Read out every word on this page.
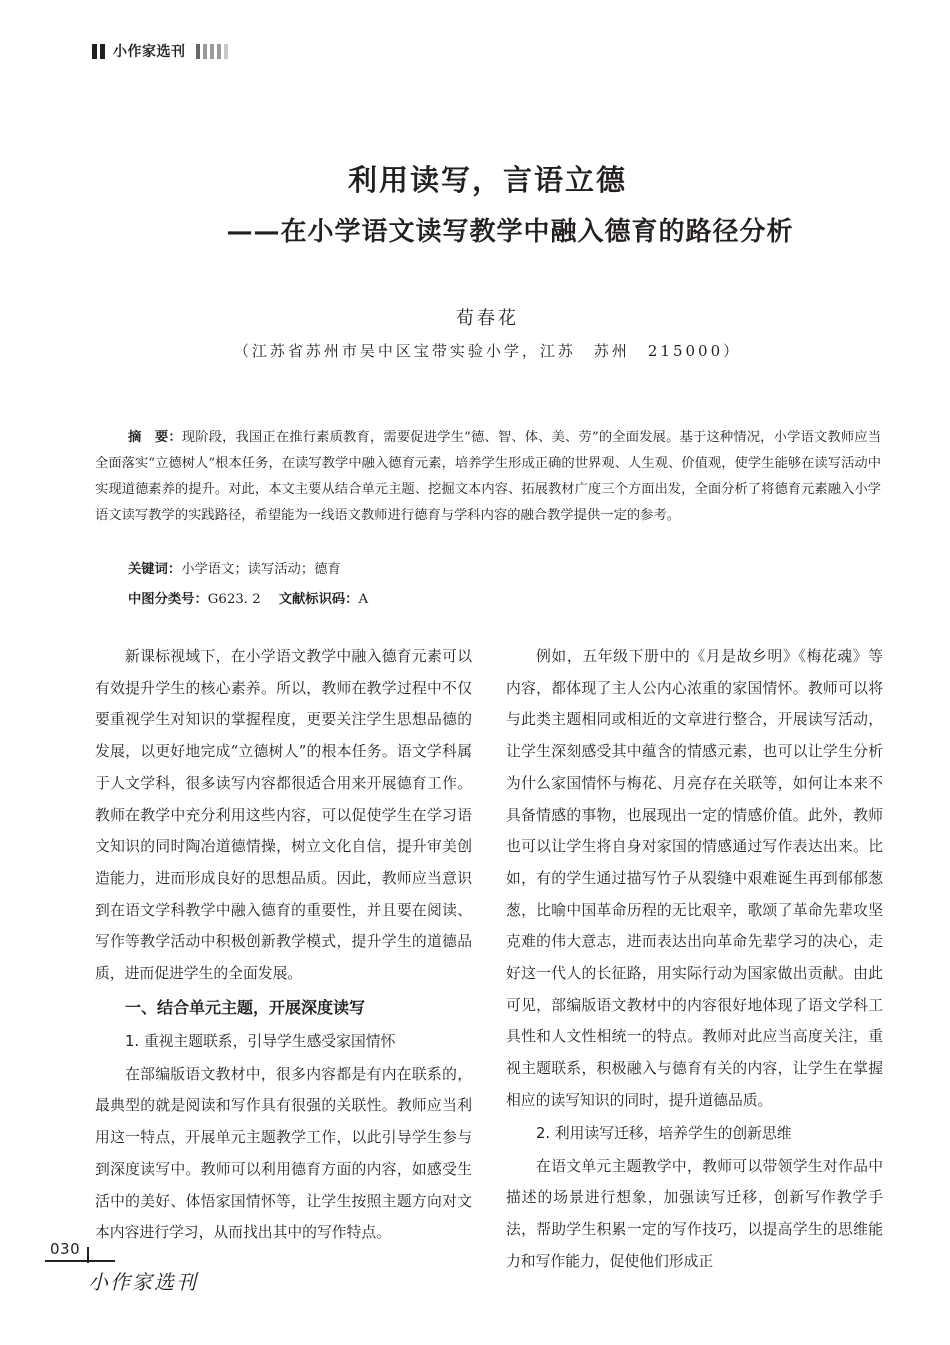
小作家选刊
利用读写，言语立德
——在小学语文读写教学中融入德育的路径分析
荀春花
（江苏省苏州市吴中区宝带实验小学，江苏　苏州　215000）

摘　要：现阶段，我国正在推行素质教育，需要促进学生“德、智、体、美、劳”的全面发展。基于这种情况，小学语文教师应当全面落实“立德树人”根本任务，在读写教学中融入德育元素，培养学生形成正确的世界观、人生观、价值观，使学生能够在读写活动中实现道德素养的提升。对此，本文主要从结合单元主题、挖掘文本内容、拓展教材广度三个方面出发，全面分析了将德育元素融入小学语文读写教学的实践路径，希望能为一线语文教师进行德育与学科内容的融合教学提供一定的参考。

关键词：小学语文；读写活动；德育
中图分类号：G623. 2 文献标识码：A

新课标视域下，在小学语文教学中融入德育元素可以有效提升学生的核心素养。所以，教师在教学过程中不仅要重视学生对知识的掌握程度，更要关注学生思想品德的发展，以更好地完成“立德树人”的根本任务。语文学科属于人文学科，很多读写内容都很适合用来开展德育工作。教师在教学中充分利用这些内容，可以促使学生在学习语文知识的同时陶冶道德情操，树立文化自信，提升审美创造能力，进而形成良好的思想品质。因此，教师应当意识到在语文学科教学中融入德育的重要性，并且要在阅读、写作等教学活动中积极创新教学模式，提升学生的道德品质，进而促进学生的全面发展。

一、结合单元主题，开展深度读写
1. 重视主题联系，引导学生感受家国情怀

在部编版语文教材中，很多内容都是有内在联系的，最典型的就是阅读和写作具有很强的关联性。教师应当利用这一特点，开展单元主题教学工作，以此引导学生参与到深度读写中。教师可以利用德育方面的内容，如感受生活中的美好、体悟家国情怀等，让学生按照主题方向对文本内容进行学习，从而找出其中的写作特点。

例如，五年级下册中的《月是故乡明》《梅花魂》等内容，都体现了主人公内心浓重的家国情怀。教师可以将与此类主题相同或相近的文章进行整合，开展读写活动，让学生深刻感受其中蕴含的情感元素，也可以让学生分析为什么家国情怀与梅花、月亮存在关联等，如何让本来不具备情感的事物，也展现出一定的情感价值。此外，教师也可以让学生将自身对家国的情感通过写作表达出来。比如，有的学生通过描写竹子从裂缝中艰难诞生再到郁郁葱葱，比喻中国革命历程的无比艰辛，歌颂了革命先辈攻坚克难的伟大意志，进而表达出向革命先辈学习的决心，走好这一代人的长征路，用实际行动为国家做出贡献。由此可见，部编版语文教材中的内容很好地体现了语文学科工具性和人文性相统一的特点。教师对此应当高度关注，重视主题联系，积极融入与德育有关的内容，让学生在掌握相应的读写知识的同时，提升道德品质。

2. 利用读写迁移，培养学生的创新思维

在语文单元主题教学中，教师可以带领学生对作品中描述的场景进行想象，加强读写迁移，创新写作教学手法，帮助学生积累一定的写作技巧，以提高学生的思维能力和写作能力，促使他们形成正

030
小作家选刊
